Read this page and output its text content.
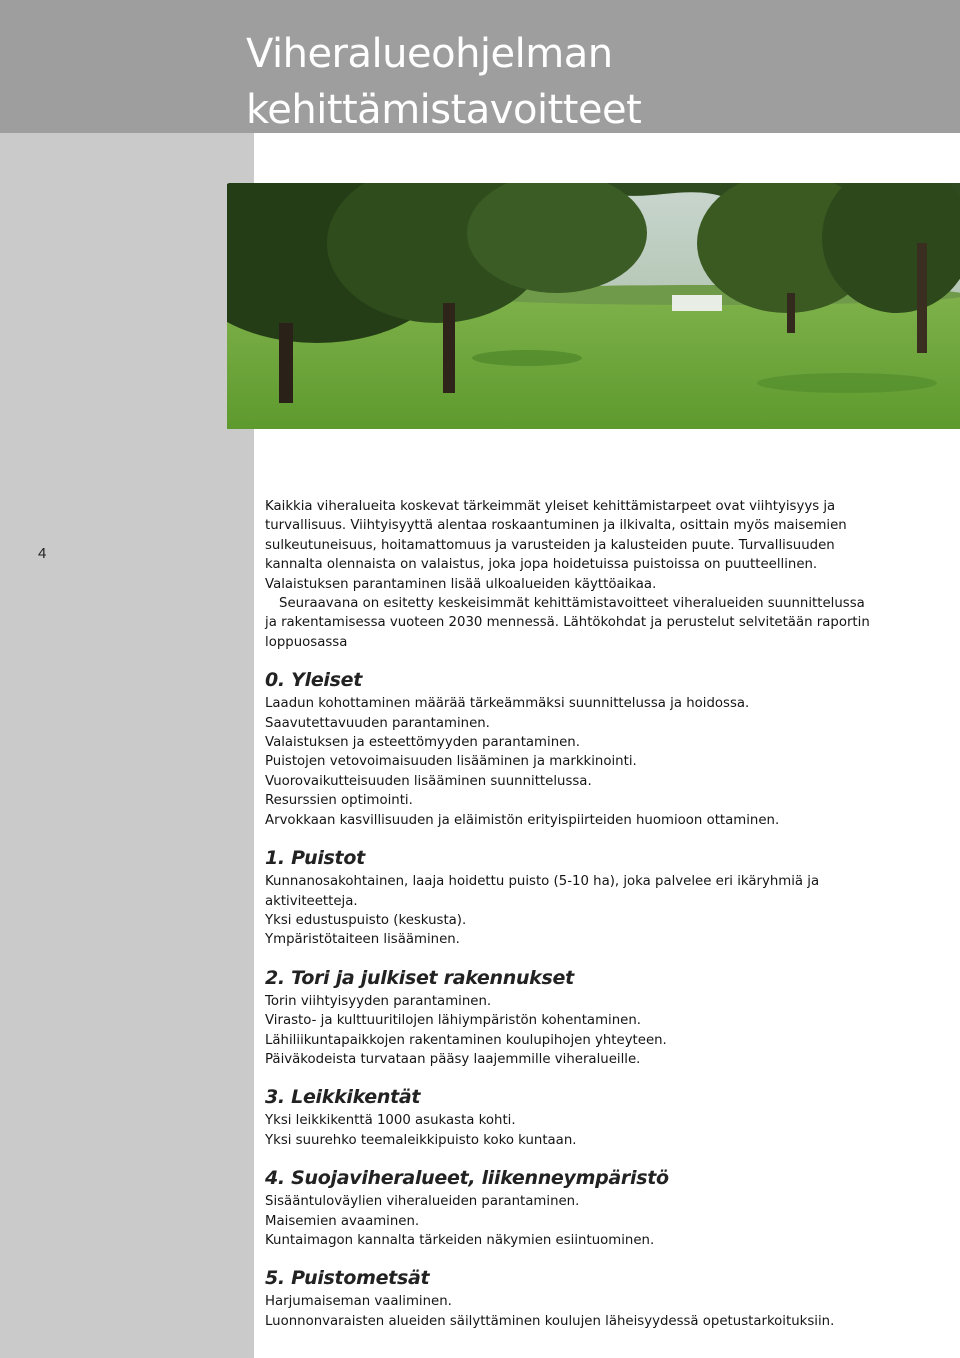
Viheralueohjelman
kehittämistavoitteet
4

Kaikkia viheralueita koskevat tärkeimmät yleiset kehittämistarpeet ovat viihtyisyys ja turvallisuus. Viihtyisyyttä alentaa roskaantuminen ja ilkivalta, osittain myös maisemien sulkeutuneisuus, hoitamattomuus ja varusteiden ja kalusteiden puute. Turvallisuuden kannalta olennaista on valaistus, joka jopa hoidetuissa puistoissa on puutteellinen. Valaistuksen parantaminen lisää ulkoalueiden käyttöaikaa.

Seuraavana on esitetty keskeisimmät kehittämistavoitteet viheralueiden suunnittelussa ja rakentamisessa vuoteen 2030 mennessä. Lähtökohdat ja perustelut selvitetään raportin loppuosassa

0. Yleiset
Laadun kohottaminen määrää tärkeämmäksi suunnittelussa ja hoidossa.
Saavutettavuuden parantaminen.
Valaistuksen ja esteettömyyden parantaminen.
Puistojen vetovoimaisuuden lisääminen ja markkinointi.
Vuorovaikutteisuuden lisääminen suunnittelussa.
Resurssien optimointi.
Arvokkaan kasvillisuuden ja eläimistön erityispiirteiden huomioon ottaminen.
1. Puistot
Kunnanosakohtainen, laaja hoidettu puisto (5-10 ha), joka palvelee eri ikäryhmiä ja aktiviteetteja.
Yksi edustuspuisto (keskusta).
Ympäristötaiteen lisääminen.
2. Tori ja julkiset rakennukset
Torin viihtyisyyden parantaminen.
Virasto- ja kulttuuritilojen lähiympäristön kohentaminen.
Lähiliikuntapaikkojen rakentaminen koulupihojen yhteyteen.
Päiväkodeista turvataan pääsy laajemmille viheralueille.
3. Leikkikentät
Yksi leikkikenttä 1000 asukasta kohti.
Yksi suurehko teemaleikkipuisto koko kuntaan.
4. Suojaviheralueet, liikenneympäristö
Sisääntuloväylien viheralueiden parantaminen.
Maisemien avaaminen.
Kuntaimagon kannalta tärkeiden näkymien esiintuominen.
5. Puistometsät
Harjumaiseman vaaliminen.
Luonnonvaraisten alueiden säilyttäminen koulujen läheisyydessä opetustarkoituksiin.
